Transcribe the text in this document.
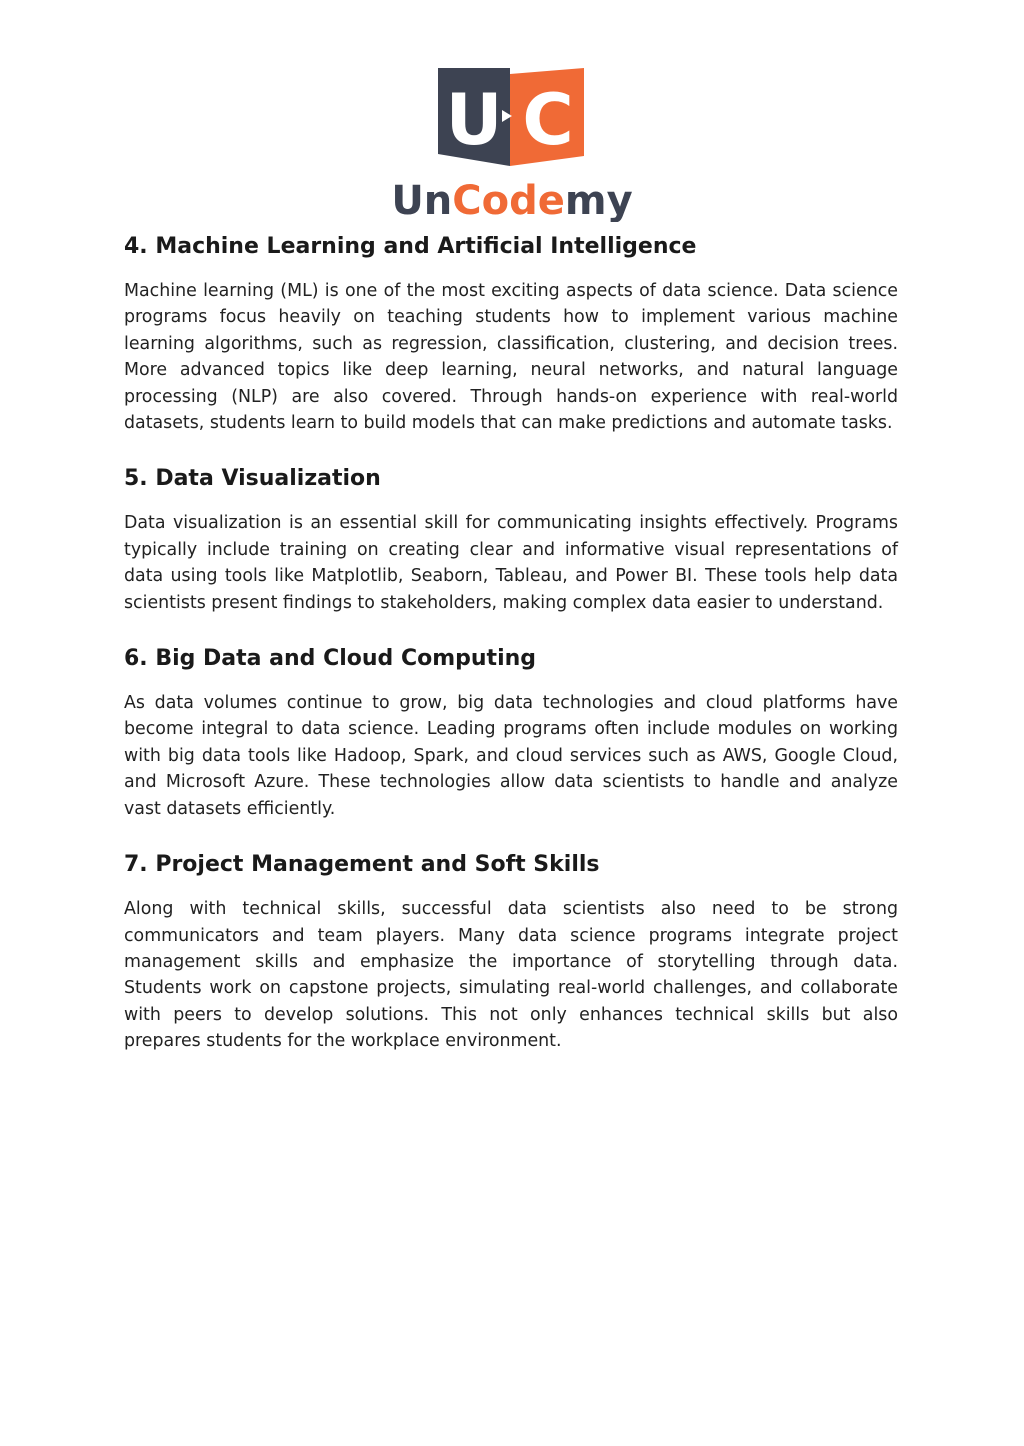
U C
UnCodemy
4. Machine Learning and Artificial Intelligence

Machine learning (ML) is one of the most exciting aspects of data science. Data science programs focus heavily on teaching students how to implement various machine learning algorithms, such as regression, classification, clustering, and decision trees. More advanced topics like deep learning, neural networks, and natural language processing (NLP) are also covered. Through hands-on experience with real-world datasets, students learn to build models that can make predictions and automate tasks.

5. Data Visualization

Data visualization is an essential skill for communicating insights effectively. Programs typically include training on creating clear and informative visual representations of data using tools like Matplotlib, Seaborn, Tableau, and Power BI. These tools help data scientists present findings to stakeholders, making complex data easier to understand.

6. Big Data and Cloud Computing

As data volumes continue to grow, big data technologies and cloud platforms have become integral to data science. Leading programs often include modules on working with big data tools like Hadoop, Spark, and cloud services such as AWS, Google Cloud, and Microsoft Azure. These technologies allow data scientists to handle and analyze vast datasets efficiently.

7. Project Management and Soft Skills

Along with technical skills, successful data scientists also need to be strong communicators and team players. Many data science programs integrate project management skills and emphasize the importance of storytelling through data. Students work on capstone projects, simulating real-world challenges, and collaborate with peers to develop solutions. This not only enhances technical skills but also prepares students for the workplace environment.
